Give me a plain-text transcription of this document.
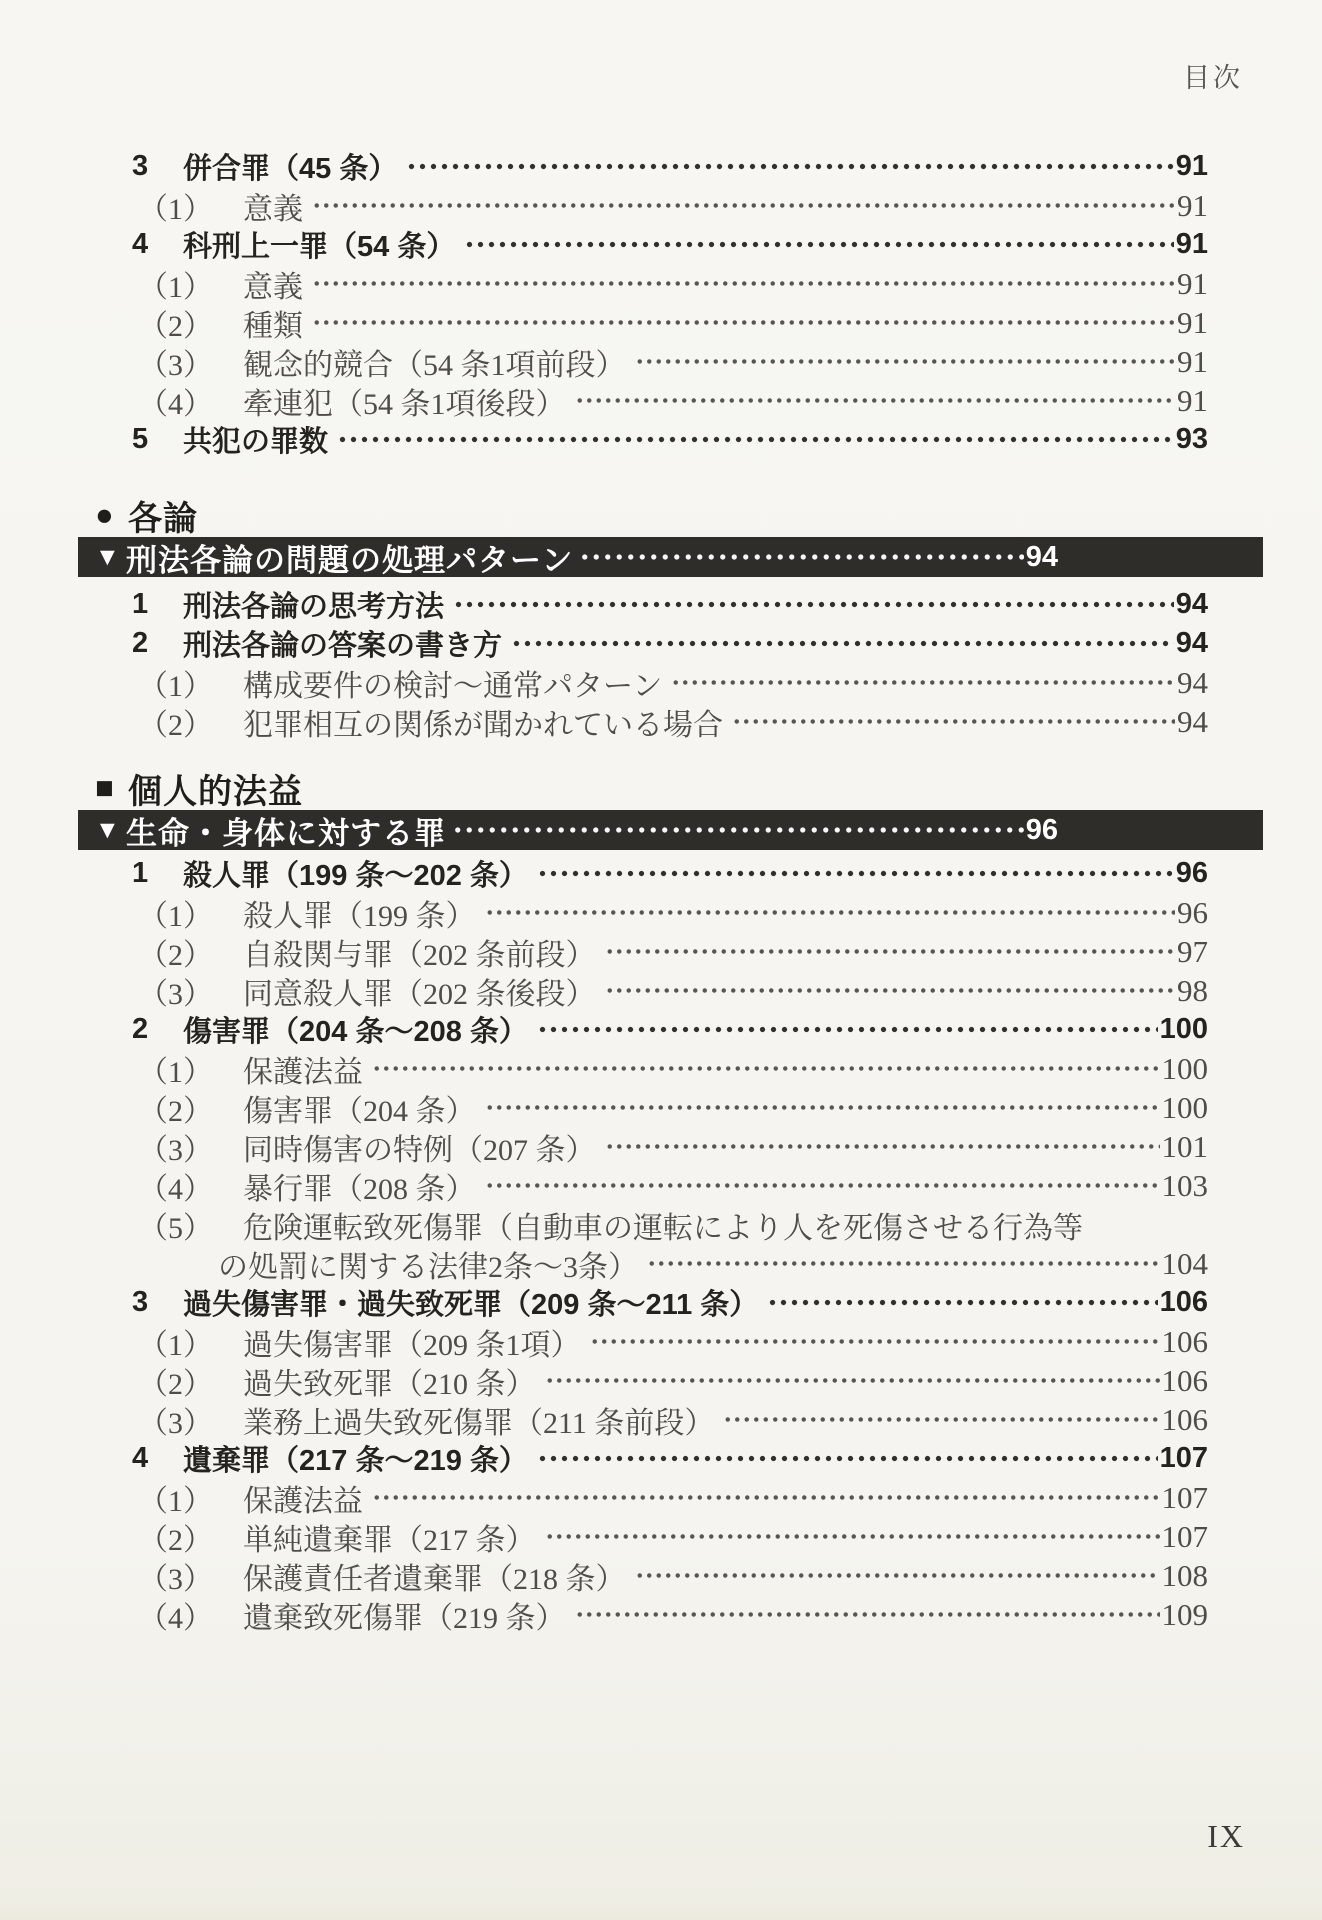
目次
3	併合罪（45 条）	91
（1）	意義	91
4	科刑上一罪（54 条）	91
（1）	意義	91
（2）	種類	91
（3）	観念的競合（54 条1項前段）	91
（4）	牽連犯（54 条1項後段）	91
5	共犯の罪数	93
● 各論
▼ 刑法各論の問題の処理パターン	94
1	刑法各論の思考方法	94
2	刑法各論の答案の書き方	94
（1）	構成要件の検討～通常パターン	94
（2）	犯罪相互の関係が聞かれている場合	94
■ 個人的法益
▼ 生命・身体に対する罪	96
1	殺人罪（199 条～202 条）	96
（1）	殺人罪（199 条）	96
（2）	自殺関与罪（202 条前段）	97
（3）	同意殺人罪（202 条後段）	98
2	傷害罪（204 条～208 条）	100
（1）	保護法益	100
（2）	傷害罪（204 条）	100
（3）	同時傷害の特例（207 条）	101
（4）	暴行罪（208 条）	103
（5）	危険運転致死傷罪（自動車の運転により人を死傷させる行為等
の処罰に関する法律2条～3条）	104
3	過失傷害罪・過失致死罪（209 条～211 条）	106
（1）	過失傷害罪（209 条1項）	106
（2）	過失致死罪（210 条）	106
（3）	業務上過失致死傷罪（211 条前段）	106
4	遺棄罪（217 条～219 条）	107
（1）	保護法益	107
（2）	単純遺棄罪（217 条）	107
（3）	保護責任者遺棄罪（218 条）	108
（4）	遺棄致死傷罪（219 条）	109
IX
